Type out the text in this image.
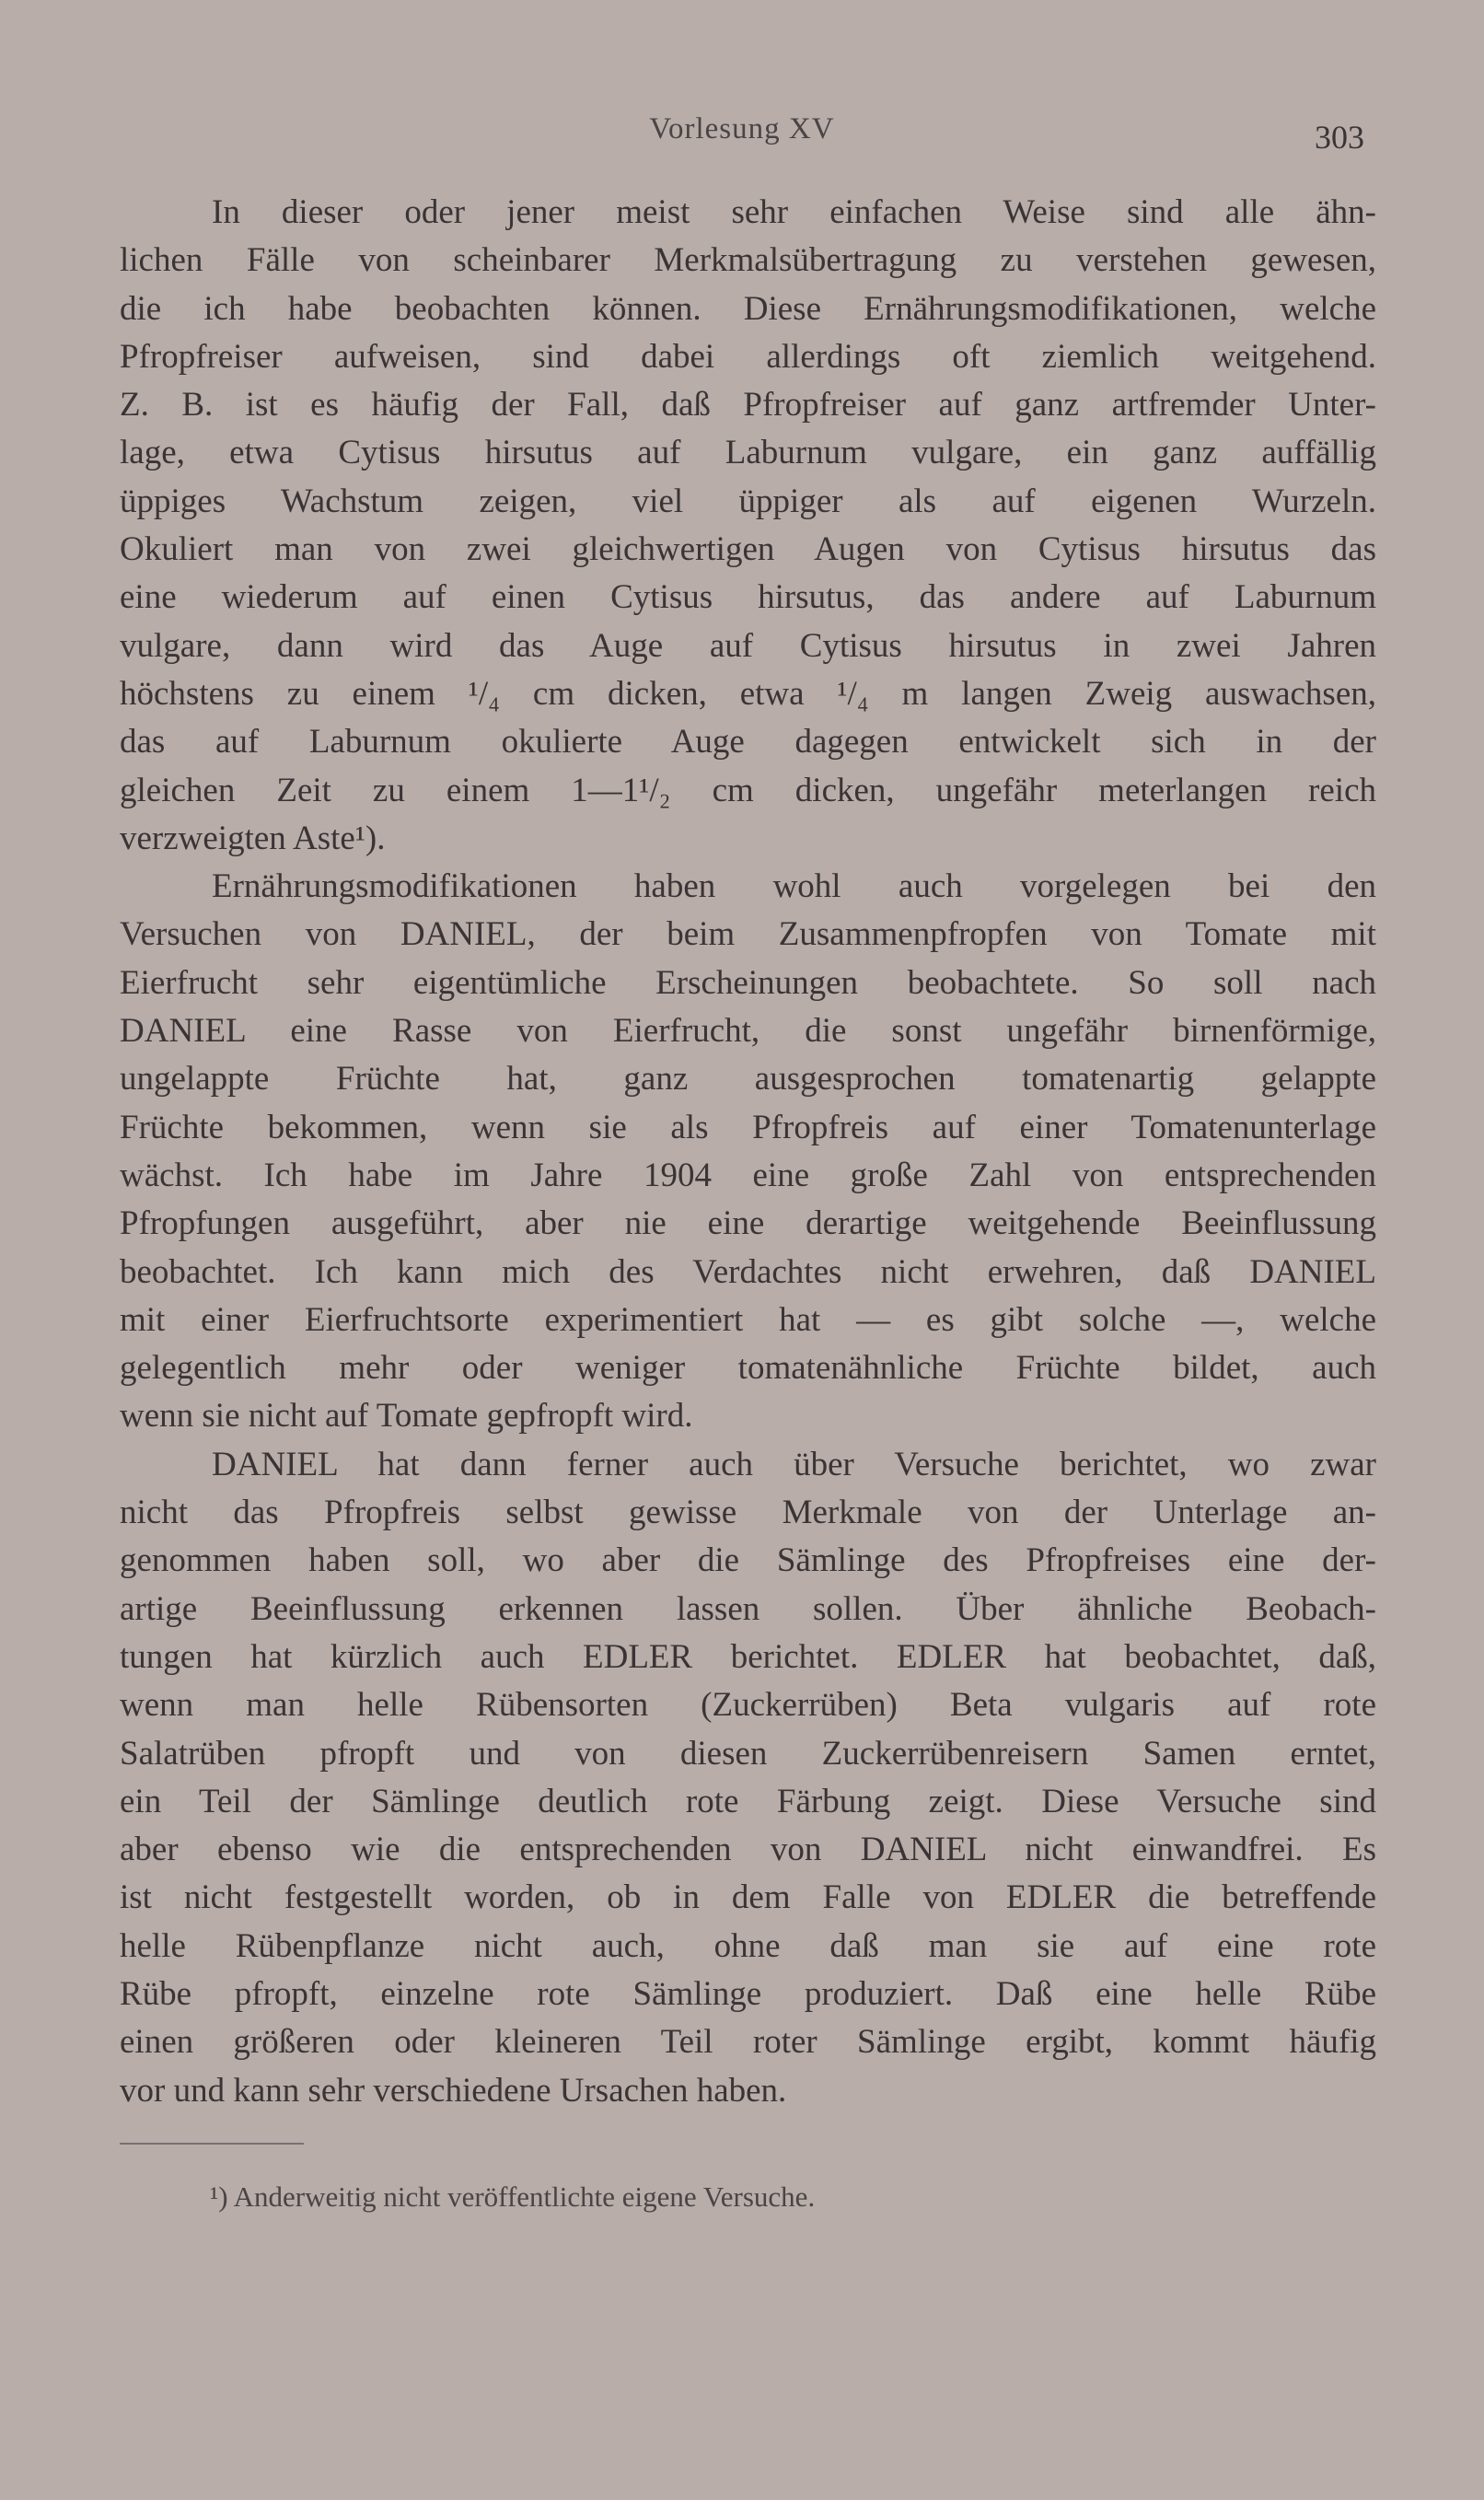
Vorlesung XV	303
In dieser oder jener meist sehr einfachen Weise sind alle ähn-
lichen Fälle von scheinbarer Merkmalsübertragung zu verstehen gewesen,
die ich habe beobachten können. Diese Ernährungsmodifikationen, welche
Pfropfreiser aufweisen, sind dabei allerdings oft ziemlich weitgehend.
Z. B. ist es häufig der Fall, daß Pfropfreiser auf ganz artfremder Unter-
lage, etwa Cytisus hirsutus auf Laburnum vulgare, ein ganz auffällig
üppiges Wachstum zeigen, viel üppiger als auf eigenen Wurzeln.
Okuliert man von zwei gleichwertigen Augen von Cytisus hirsutus das
eine wiederum auf einen Cytisus hirsutus, das andere auf Laburnum
vulgare, dann wird das Auge auf Cytisus hirsutus in zwei Jahren
höchstens zu einem ¹/₄ cm dicken, etwa ¹/₄ m langen Zweig auswachsen,
das auf Laburnum okulierte Auge dagegen entwickelt sich in der
gleichen Zeit zu einem 1—1¹/₂ cm dicken, ungefähr meterlangen reich
verzweigten Aste¹).
Ernährungsmodifikationen haben wohl auch vorgelegen bei den
Versuchen von DANIEL, der beim Zusammenpfropfen von Tomate mit
Eierfrucht sehr eigentümliche Erscheinungen beobachtete. So soll nach
DANIEL eine Rasse von Eierfrucht, die sonst ungefähr birnenförmige,
ungelappte Früchte hat, ganz ausgesprochen tomatenartig gelappte
Früchte bekommen, wenn sie als Pfropfreis auf einer Tomatenunterlage
wächst. Ich habe im Jahre 1904 eine große Zahl von entsprechenden
Pfropfungen ausgeführt, aber nie eine derartige weitgehende Beeinflussung
beobachtet. Ich kann mich des Verdachtes nicht erwehren, daß DANIEL
mit einer Eierfruchtsorte experimentiert hat — es gibt solche —, welche
gelegentlich mehr oder weniger tomatenähnliche Früchte bildet, auch
wenn sie nicht auf Tomate gepfropft wird.
DANIEL hat dann ferner auch über Versuche berichtet, wo zwar
nicht das Pfropfreis selbst gewisse Merkmale von der Unterlage an-
genommen haben soll, wo aber die Sämlinge des Pfropfreises eine der-
artige Beeinflussung erkennen lassen sollen. Über ähnliche Beobach-
tungen hat kürzlich auch EDLER berichtet. EDLER hat beobachtet, daß,
wenn man helle Rübensorten (Zuckerrüben) Beta vulgaris auf rote
Salatrüben pfropft und von diesen Zuckerrübenreisern Samen erntet,
ein Teil der Sämlinge deutlich rote Färbung zeigt. Diese Versuche sind
aber ebenso wie die entsprechenden von DANIEL nicht einwandfrei. Es
ist nicht festgestellt worden, ob in dem Falle von EDLER die betreffende
helle Rübenpflanze nicht auch, ohne daß man sie auf eine rote
Rübe pfropft, einzelne rote Sämlinge produziert. Daß eine helle Rübe
einen größeren oder kleineren Teil roter Sämlinge ergibt, kommt häufig
vor und kann sehr verschiedene Ursachen haben.
¹) Anderweitig nicht veröffentlichte eigene Versuche.
